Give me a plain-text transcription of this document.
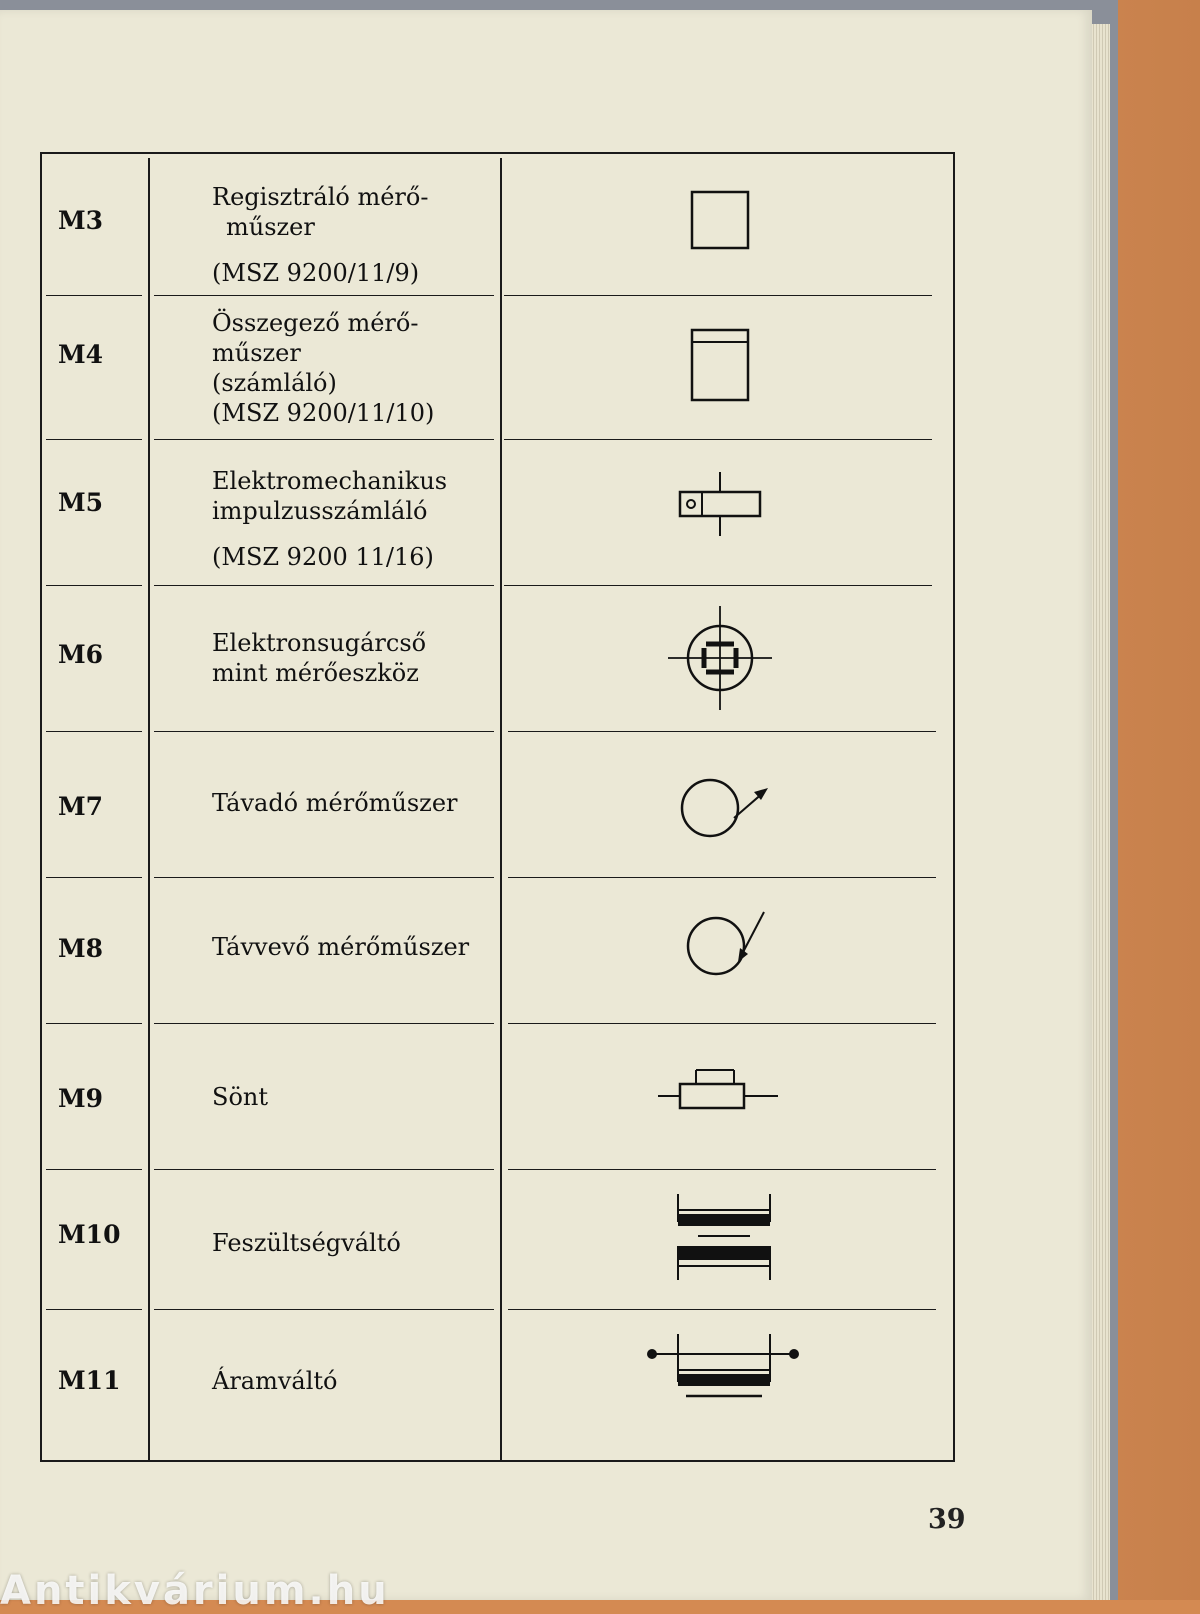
M3
Regisztráló mérő-
műszer
(MSZ 9200/11/9)
M4
Összegező mérő-
műszer
(számláló)
(MSZ 9200/11/10)
M5
Elektromechanikus
impulzusszámláló
(MSZ 9200 11/16)
M6	Elektronsugárcső
mint mérőeszköz
M7	Távadó mérőműszer
M8	Távvevő mérőműszer
M9	Sönt
M10	Feszültségváltó
M11	Áramváltó
39
Antikvárium.hu
